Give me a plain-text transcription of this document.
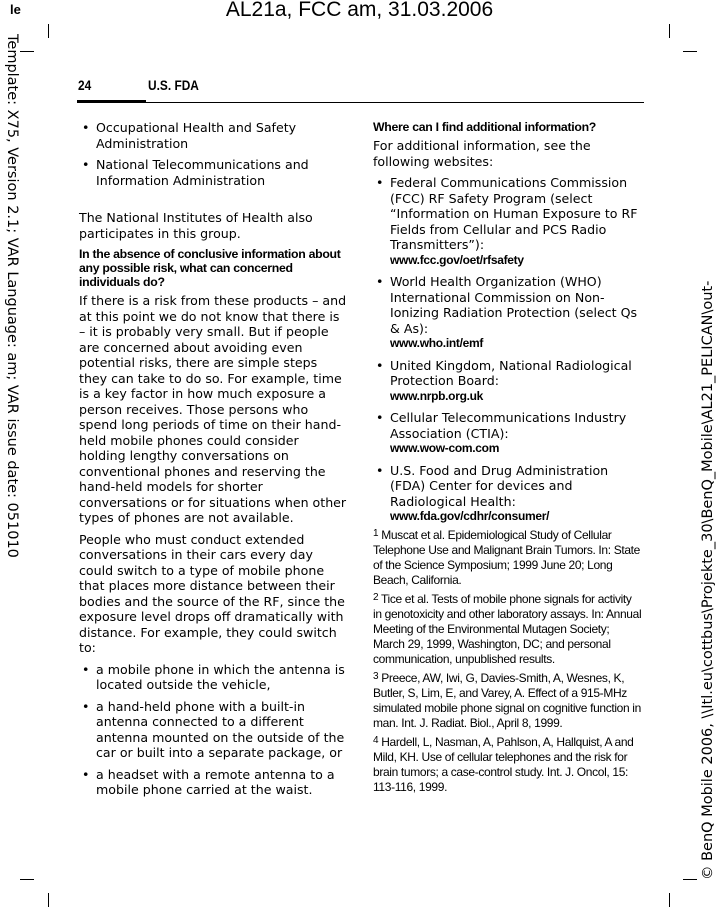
le	AL21a, FCC am, 31.03.2006
Template: X75, Version 2.1; VAR Language: am; VAR issue date: 051010	© BenQ Mobile 2006, \\Itl.eu\cottbus\Projekte_30\BenQ_Mobile\AL21_PELICAN\out-
24	U.S. FDA
• Occupational Health and Safety Administration
• National Telecommunications and Information Administration

The National Institutes of Health also participates in this group.

In the absence of conclusive information about any possible risk, what can concerned individuals do?

If there is a risk from these products – and at this point we do not know that there is – it is probably very small. But if people are concerned about avoiding even potential risks, there are simple steps they can take to do so. For example, time is a key factor in how much exposure a person receives. Those persons who spend long periods of time on their hand-held mobile phones could consider holding lengthy conversations on conventional phones and reserving the hand-held models for shorter conversations or for situations when other types of phones are not available.

People who must conduct extended conversations in their cars every day could switch to a type of mobile phone that places more distance between their bodies and the source of the RF, since the exposure level drops off dramatically with distance. For example, they could switch to:

• a mobile phone in which the antenna is located outside the vehicle,
• a hand-held phone with a built-in antenna connected to a different antenna mounted on the outside of the car or built into a separate package, or
• a headset with a remote antenna to a mobile phone carried at the waist.
Where can I find additional information?

For additional information, see the following websites:

• Federal Communications Commission (FCC) RF Safety Program (select “Information on Human Exposure to RF Fields from Cellular and PCS Radio Transmitters”):
www.fcc.gov/oet/rfsafety
• World Health Organization (WHO) International Commission on Non-Ionizing Radiation Protection (select Qs & As):
www.who.int/emf
• United Kingdom, National Radiological Protection Board:
www.nrpb.org.uk
• Cellular Telecommunications Industry Association (CTIA):
www.wow-com.com
• U.S. Food and Drug Administration (FDA) Center for devices and Radiological Health:
www.fda.gov/cdhr/consumer/
$^1$ Muscat et al. Epidemiological Study of Cellular Telephone Use and Malignant Brain Tumors. In: State of the Science Symposium; 1999 June 20; Long Beach, California.
$^2$ Tice et al. Tests of mobile phone signals for activity in genotoxicity and other laboratory assays. In: Annual Meeting of the Environmental Mutagen Society; March 29, 1999, Washington, DC; and personal communication, unpublished results.
$^3$ Preece, AW, Iwi, G, Davies-Smith, A, Wesnes, K, Butler, S, Lim, E, and Varey, A. Effect of a 915-MHz simulated mobile phone signal on cognitive function in man. Int. J. Radiat. Biol., April 8, 1999.
$^4$ Hardell, L, Nasman, A, Pahlson, A, Hallquist, A and Mild, KH. Use of cellular telephones and the risk for brain tumors; a case-control study. Int. J. Oncol, 15: 113-116, 1999.
